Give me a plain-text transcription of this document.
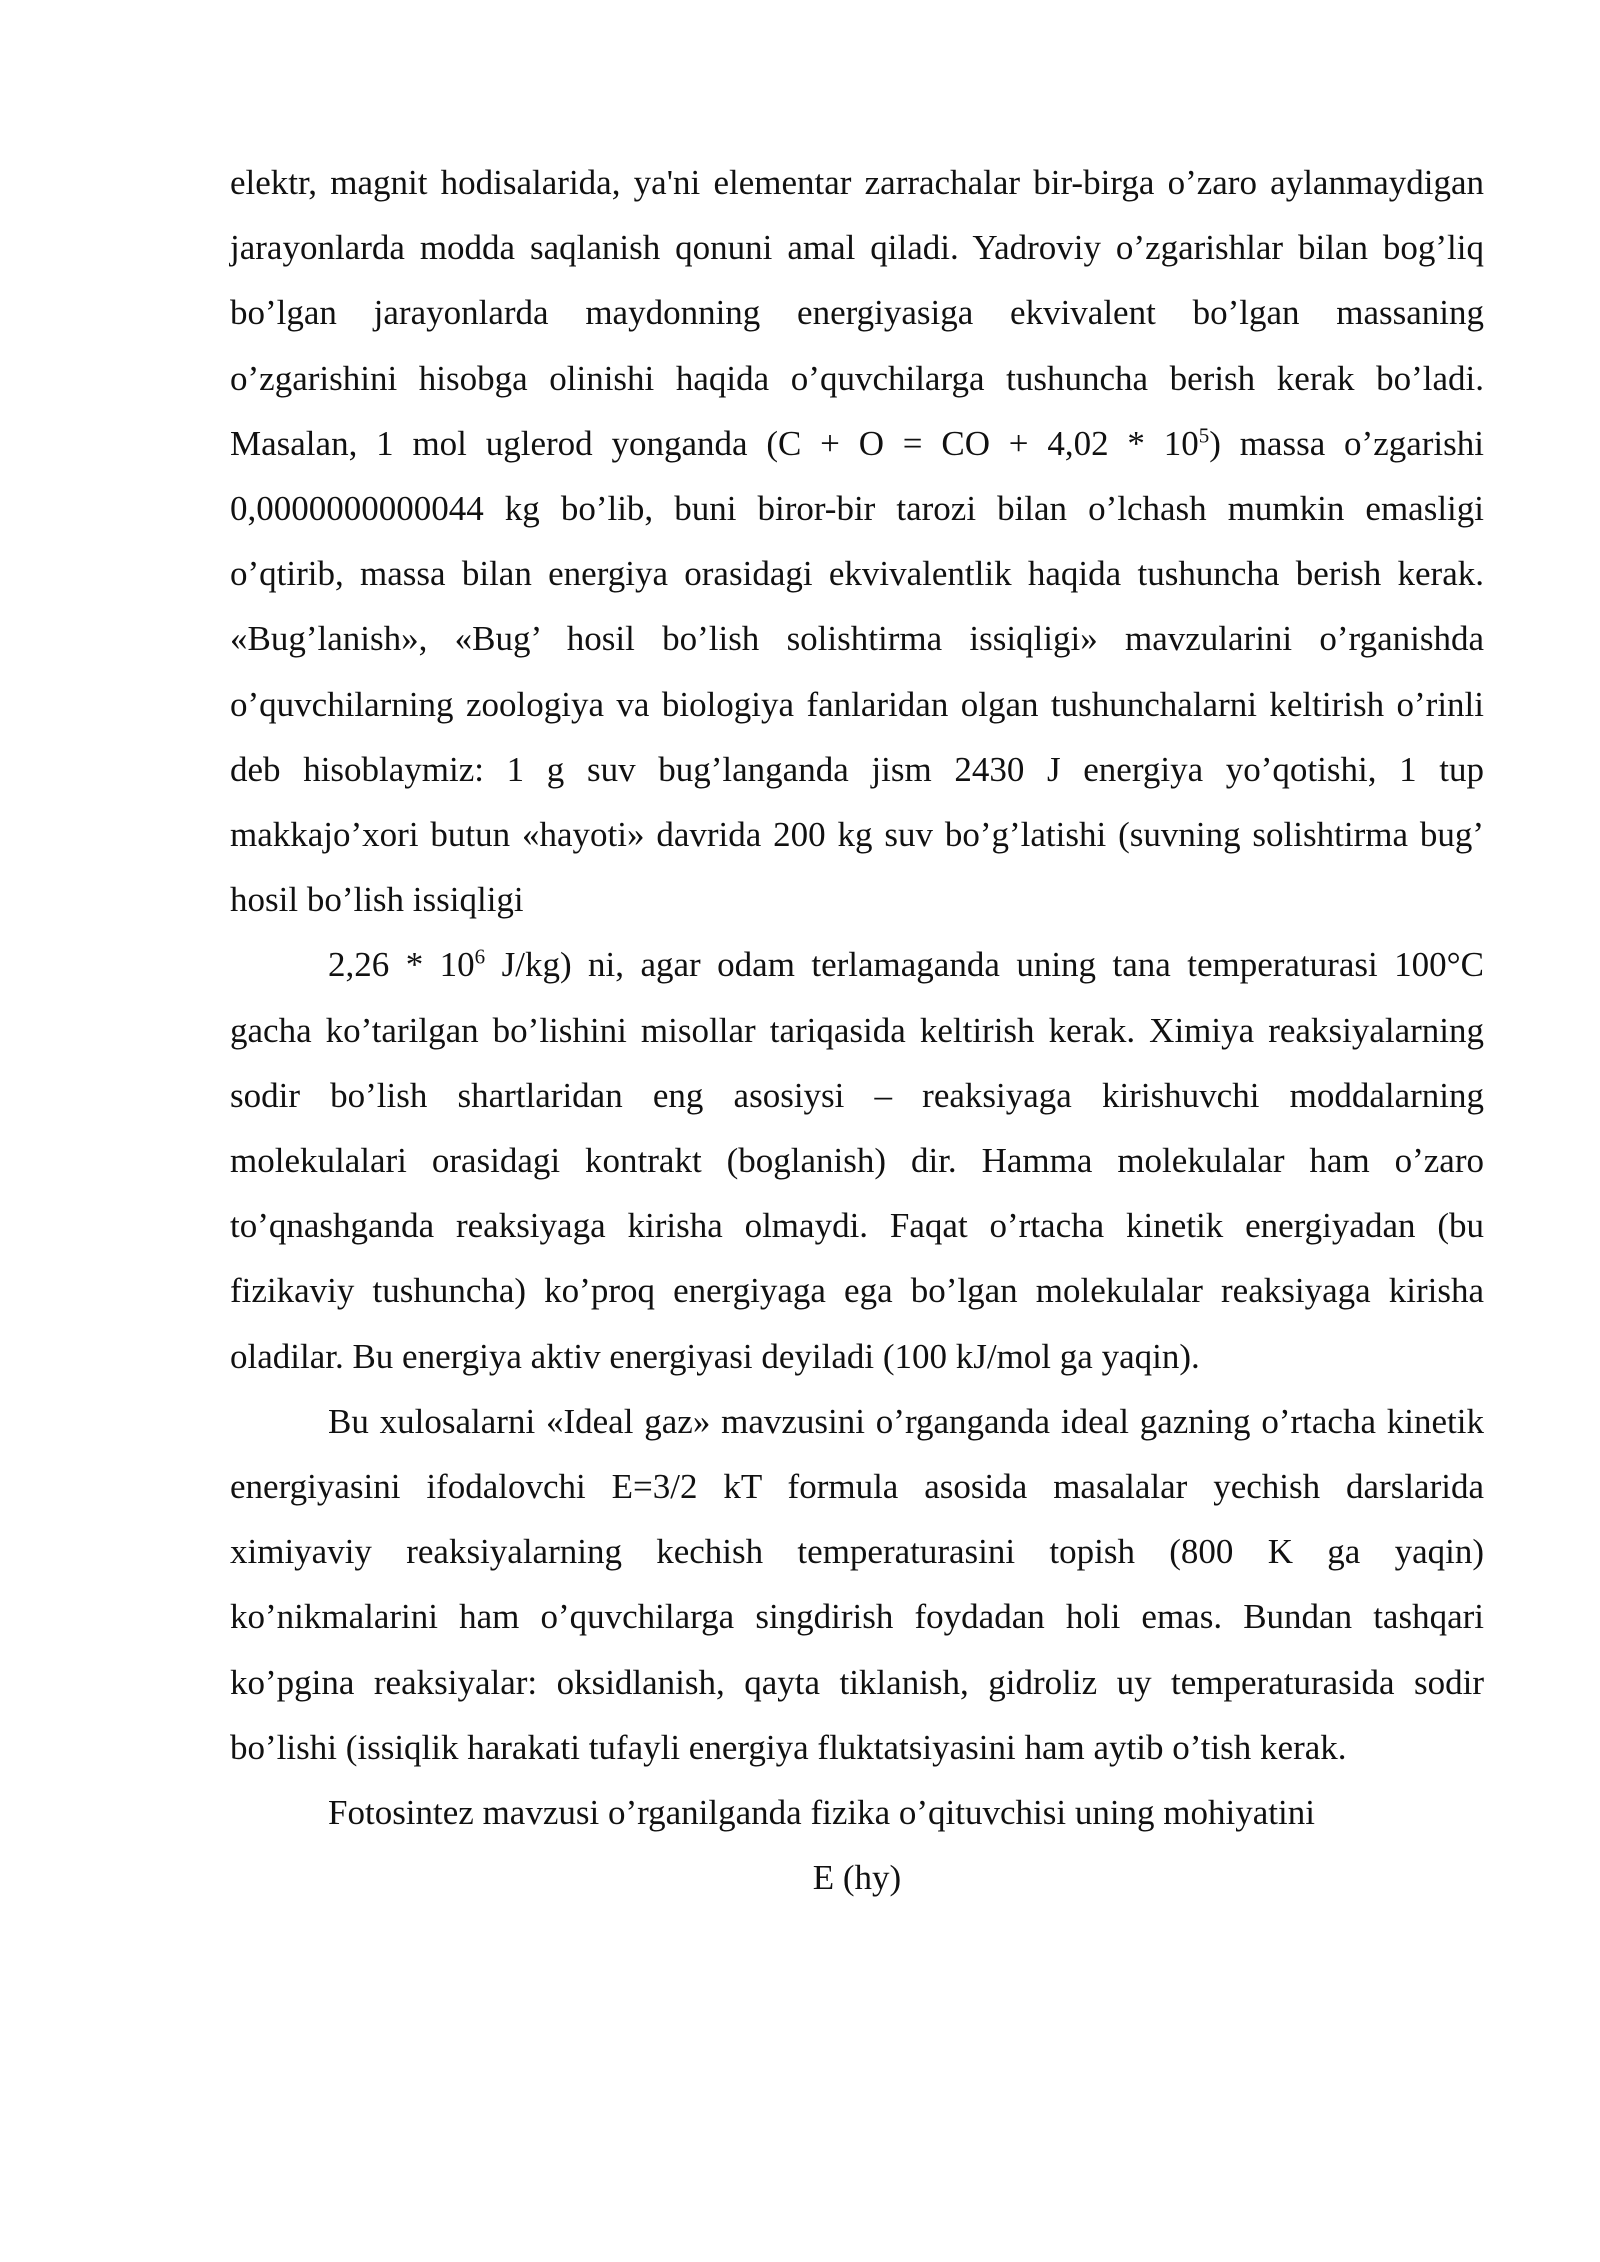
elektr, magnit hodisalarida, ya'ni elementar zarrachalar bir-birga o’zaro aylanmaydigan jarayonlarda modda saqlanish qonuni amal qiladi. Yadroviy o’zgarishlar bilan bog’liq bo’lgan jarayonlarda maydonning energiyasiga ekvivalent bo’lgan massaning o’zgarishini hisobga olinishi haqida o’quvchilarga tushuncha berish kerak bo’ladi. Masalan, 1 mol uglerod yonganda (C + O = CO + $4,02 * 10^5$) massa o’zgarishi 0,0000000000044 kg bo’lib, buni biror-bir tarozi bilan o’lchash mumkin emasligi o’qtirib, massa bilan energiya orasidagi ekvivalentlik haqida tushuncha berish kerak. «Bug’lanish», «Bug’ hosil bo’lish solishtirma issiqligi» mavzularini o’rganishda o’quvchilarning zoologiya va biologiya fanlaridan olgan tushunchalarni keltirish o’rinli deb hisoblaymiz: 1 g suv bug’langanda jism 2430 J energiya yo’qotishi, 1 tup makkajo’xori butun «hayoti» davrida 200 kg suv bo’g’latishi (suvning solishtirma bug’ hosil bo’lish issiqligi

$2,26 * 10^6$ J/kg) ni, agar odam terlamaganda uning tana temperaturasi 100°C gacha ko’tarilgan bo’lishini misollar tariqasida keltirish kerak. Ximiya reaksiyalarning sodir bo’lish shartlaridan eng asosiysi – reaksiyaga kirishuvchi moddalarning molekulalari orasidagi kontrakt (boglanish) dir. Hamma molekulalar ham o’zaro to’qnashganda reaksiyaga kirisha olmaydi. Faqat o’rtacha kinetik energiyadan (bu fizikaviy tushuncha) ko’proq energiyaga ega bo’lgan molekulalar reaksiyaga kirisha oladilar. Bu energiya aktiv energiyasi deyiladi (100 kJ/mol ga yaqin).

Bu xulosalarni «Ideal gaz» mavzusini o’rganganda ideal gazning o’rtacha kinetik energiyasini ifodalovchi E=3/2 kT formula asosida masalalar yechish darslarida ximiyaviy reaksiyalarning kechish temperaturasini topish (800 K ga yaqin) ko’nikmalarini ham o’quvchilarga singdirish foydadan holi emas. Bundan tashqari ko’pgina reaksiyalar: oksidlanish, qayta tiklanish, gidroliz uy temperaturasida sodir bo’lishi (issiqlik harakati tufayli energiya fluktatsiyasini ham aytib o’tish kerak.

Fotosintez mavzusi o’rganilganda fizika o’qituvchisi uning mohiyatini

E (hy)
